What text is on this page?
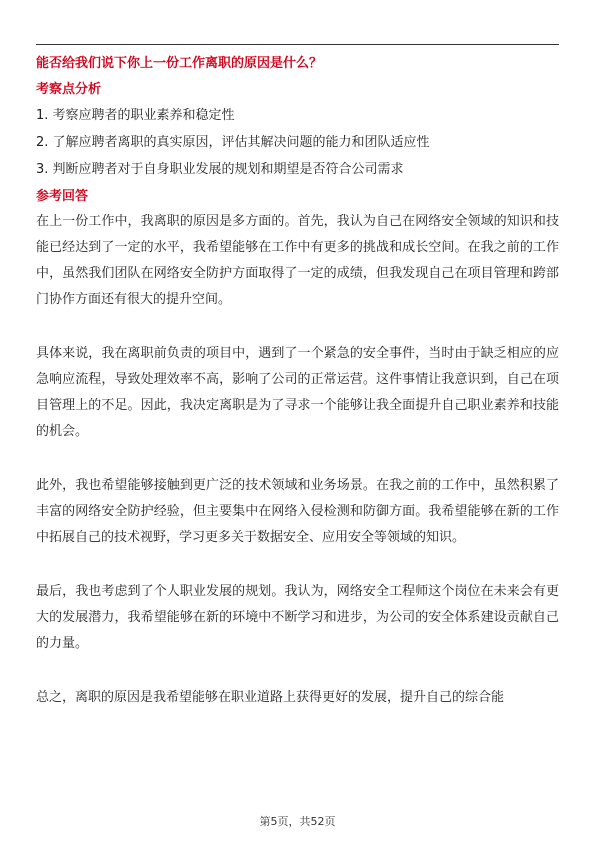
能否给我们说下你上一份工作离职的原因是什么？
考察点分析
1. 考察应聘者的职业素养和稳定性
2. 了解应聘者离职的真实原因，评估其解决问题的能力和团队适应性
3. 判断应聘者对于自身职业发展的规划和期望是否符合公司需求
参考回答
在上一份工作中，我离职的原因是多方面的。首先，我认为自己在网络安全领域的知识和技能已经达到了一定的水平，我希望能够在工作中有更多的挑战和成长空间。在我之前的工作中，虽然我们团队在网络安全防护方面取得了一定的成绩，但我发现自己在项目管理和跨部门协作方面还有很大的提升空间。
具体来说，我在离职前负责的项目中，遇到了一个紧急的安全事件，当时由于缺乏相应的应急响应流程，导致处理效率不高，影响了公司的正常运营。这件事情让我意识到，自己在项目管理上的不足。因此，我决定离职是为了寻求一个能够让我全面提升自己职业素养和技能的机会。
此外，我也希望能够接触到更广泛的技术领域和业务场景。在我之前的工作中，虽然积累了丰富的网络安全防护经验，但主要集中在网络入侵检测和防御方面。我希望能够在新的工作中拓展自己的技术视野，学习更多关于数据安全、应用安全等领域的知识。
最后，我也考虑到了个人职业发展的规划。我认为，网络安全工程师这个岗位在未来会有更大的发展潜力，我希望能够在新的环境中不断学习和进步，为公司的安全体系建设贡献自己的力量。
总之，离职的原因是我希望能够在职业道路上获得更好的发展，提升自己的综合能
第5页，共52页
